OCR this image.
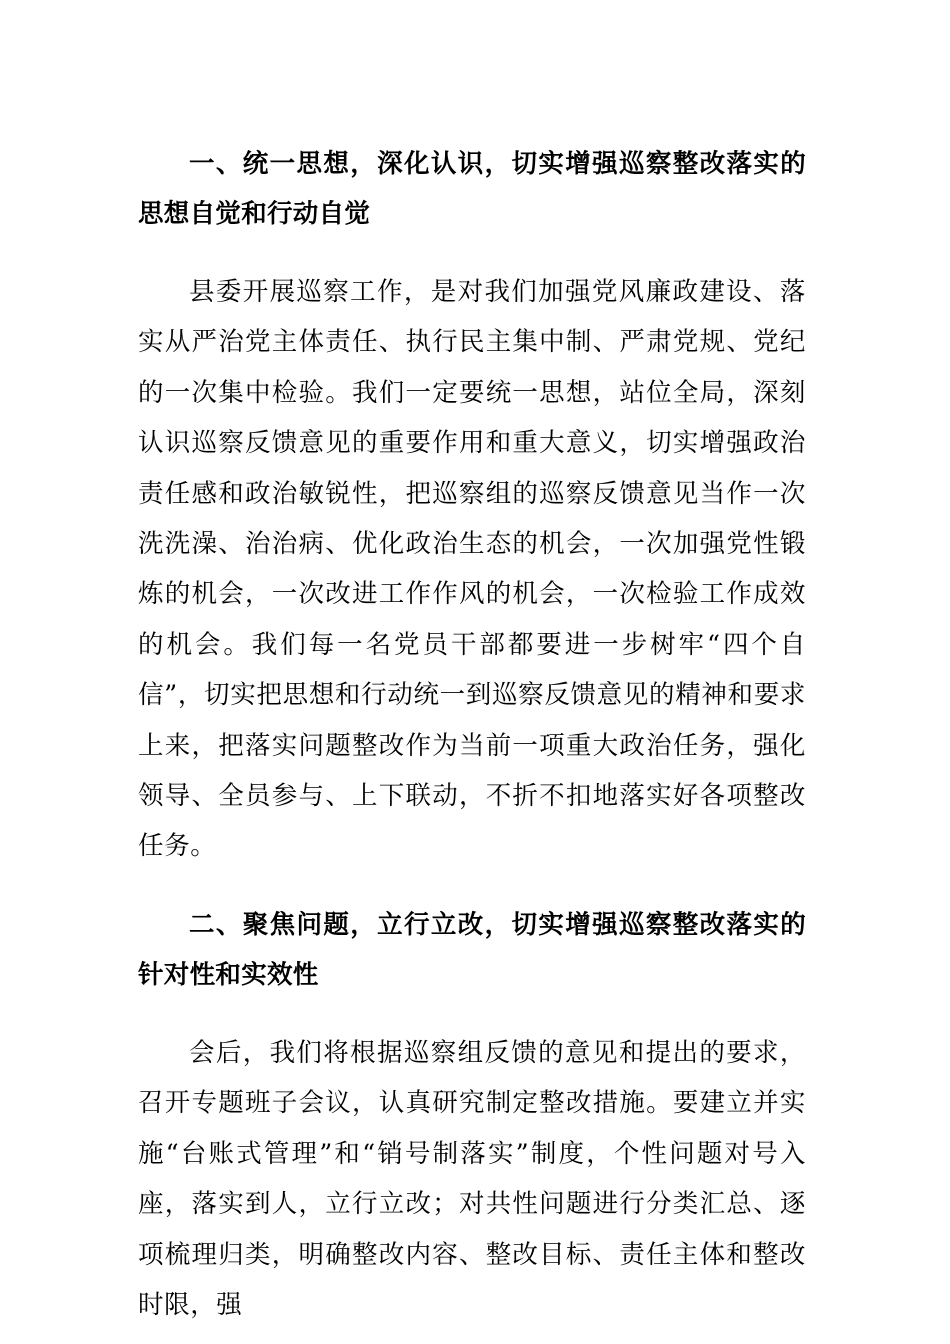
一、统一思想，深化认识，切实增强巡察整改落实的思想自觉和行动自觉

县委开展巡察工作，是对我们加强党风廉政建设、落实从严治党主体责任、执行民主集中制、严肃党规、党纪的一次集中检验。我们一定要统一思想，站位全局，深刻认识巡察反馈意见的重要作用和重大意义，切实增强政治责任感和政治敏锐性，把巡察组的巡察反馈意见当作一次洗洗澡、治治病、优化政治生态的机会，一次加强党性锻炼的机会，一次改进工作作风的机会，一次检验工作成效的机会。我们每一名党员干部都要进一步树牢“四个自信”，切实把思想和行动统一到巡察反馈意见的精神和要求上来，把落实问题整改作为当前一项重大政治任务，强化领导、全员参与、上下联动，不折不扣地落实好各项整改任务。

二、聚焦问题，立行立改，切实增强巡察整改落实的针对性和实效性

会后，我们将根据巡察组反馈的意见和提出的要求，召开专题班子会议，认真研究制定整改措施。要建立并实施“台账式管理”和“销号制落实”制度，个性问题对号入座，落实到人，立行立改；对共性问题进行分类汇总、逐项梳理归类，明确整改内容、整改目标、责任主体和整改时限，强
